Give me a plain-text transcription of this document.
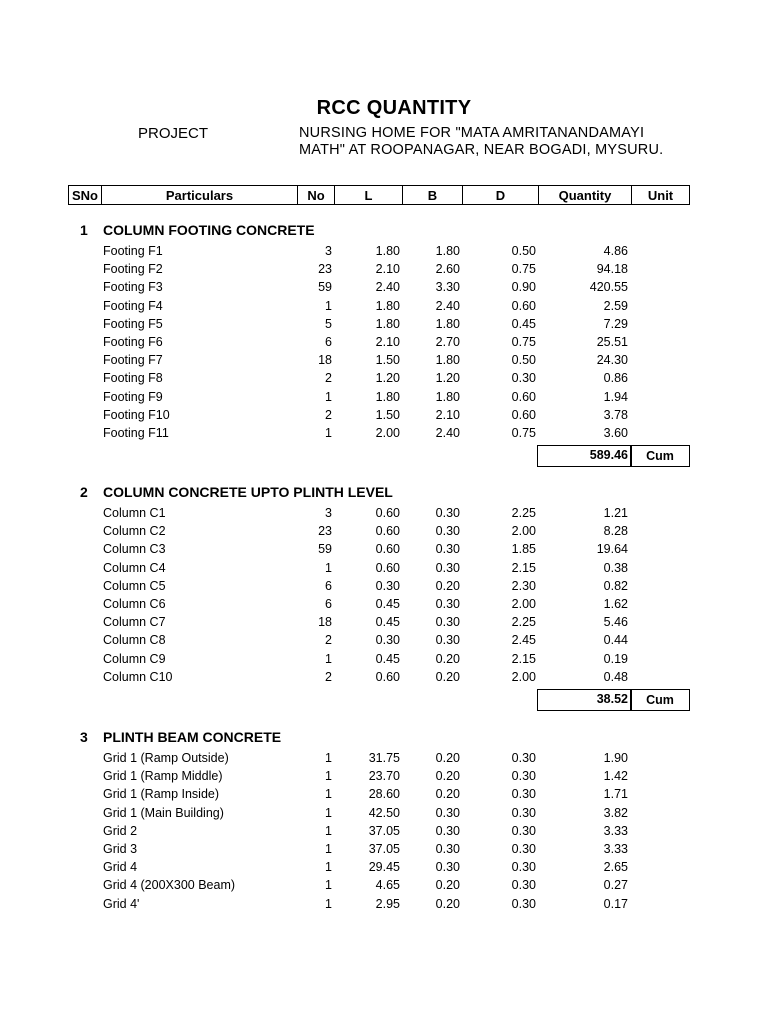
RCC QUANTITY
PROJECT	NURSING HOME FOR "MATA AMRITANANDAMAYI
MATH" AT ROOPANAGAR, NEAR BOGADI, MYSURU.
SNo	Particulars	No	L	B	D	Quantity	Unit
1 COLUMN FOOTING CONCRETE
Footing F1	3	1.80	1.80	0.50	4.86
Footing F2	23	2.10	2.60	0.75	94.18
Footing F3	59	2.40	3.30	0.90	420.55
Footing F4	1	1.80	2.40	0.60	2.59
Footing F5	5	1.80	1.80	0.45	7.29
Footing F6	6	2.10	2.70	0.75	25.51
Footing F7	18	1.50	1.80	0.50	24.30
Footing F8	2	1.20	1.20	0.30	0.86
Footing F9	1	1.80	1.80	0.60	1.94
Footing F10	2	1.50	2.10	0.60	3.78
Footing F11	1	2.00	2.40	0.75	3.60
589.46	Cum
2 COLUMN CONCRETE UPTO PLINTH LEVEL
Column C1	3	0.60	0.30	2.25	1.21
Column C2	23	0.60	0.30	2.00	8.28
Column C3	59	0.60	0.30	1.85	19.64
Column C4	1	0.60	0.30	2.15	0.38
Column C5	6	0.30	0.20	2.30	0.82
Column C6	6	0.45	0.30	2.00	1.62
Column C7	18	0.45	0.30	2.25	5.46
Column C8	2	0.30	0.30	2.45	0.44
Column C9	1	0.45	0.20	2.15	0.19
Column C10	2	0.60	0.20	2.00	0.48
38.52	Cum
3 PLINTH BEAM CONCRETE
Grid 1 (Ramp Outside)	1	31.75	0.20	0.30	1.90
Grid 1 (Ramp Middle)	1	23.70	0.20	0.30	1.42
Grid 1 (Ramp Inside)	1	28.60	0.20	0.30	1.71
Grid 1 (Main Building)	1	42.50	0.30	0.30	3.82
Grid 2	1	37.05	0.30	0.30	3.33
Grid 3	1	37.05	0.30	0.30	3.33
Grid 4	1	29.45	0.30	0.30	2.65
Grid 4 (200X300 Beam)	1	4.65	0.20	0.30	0.27
Grid 4'	1	2.95	0.20	0.30	0.17
